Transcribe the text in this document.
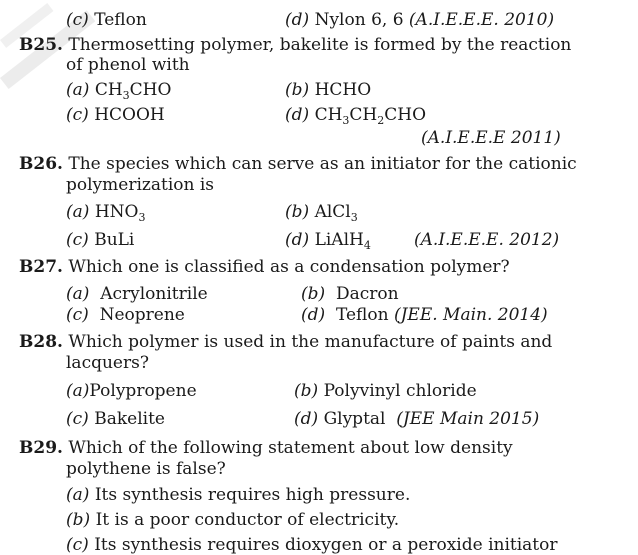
(c) Teflon	(d) Nylon 6, 6 (A.I.E.E.E. 2010)
B25. Thermosetting polymer, bakelite is formed by the reaction
of phenol with
(a) $CH_3CHO$	(b) HCHO
(c) HCOOH	(d) $CH_3CH_2CHO$
(A.I.E.E.E 2011)
B26. The species which can serve as an initiator for the cationic
polymerization is
(a) $HNO_3$	(b) AlCl$_3$
(c) BuLi	(d) LiAlH$_4$	(A.I.E.E.E. 2012)
B27. Which one is classified as a condensation polymer?
(a) Acrylonitrile	(b) Dacron
(c) Neoprene	(d) Teflon (JEE. Main. 2014)
B28. Which polymer is used in the manufacture of paints and
lacquers?
(a)Polypropene	(b) Polyvinyl chloride
(c) Bakelite	(d) Glyptal (JEE Main 2015)
B29. Which of the following statement about low density
polythene is false?
(a) Its synthesis requires high pressure.
(b) It is a poor conductor of electricity.
(c) Its synthesis requires dioxygen or a peroxide initiator
